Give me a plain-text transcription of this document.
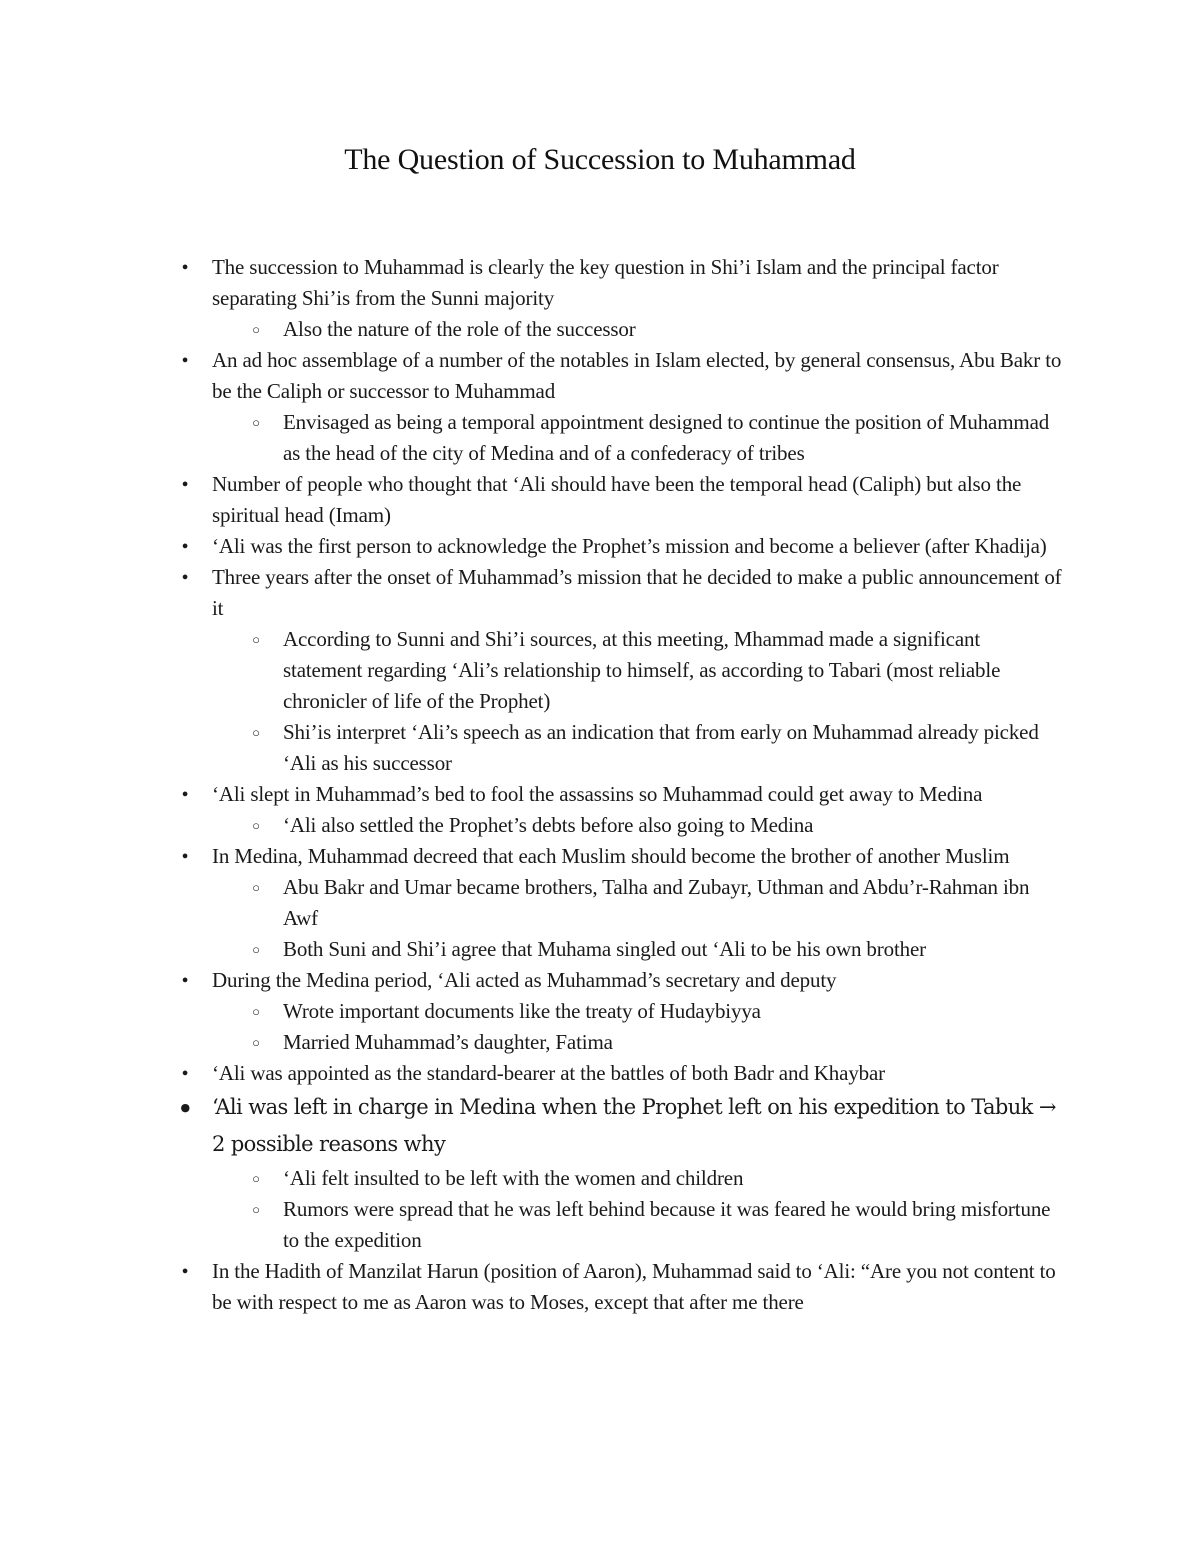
The Question of Succession to Muhammad
● The succession to Muhammad is clearly the key question in Shi’i Islam and the principal factor separating Shi’is from the Sunni majority
○ Also the nature of the role of the successor
● An ad hoc assemblage of a number of the notables in Islam elected, by general consensus, Abu Bakr to be the Caliph or successor to Muhammad
○ Envisaged as being a temporal appointment designed to continue the position of Muhammad as the head of the city of Medina and of a confederacy of tribes
● Number of people who thought that ‘Ali should have been the temporal head (Caliph) but also the spiritual head (Imam)
● ‘Ali was the first person to acknowledge the Prophet’s mission and become a believer (after Khadija)
● Three years after the onset of Muhammad’s mission that he decided to make a public announcement of it
○ According to Sunni and Shi’i sources, at this meeting, Mhammad made a significant statement regarding ‘Ali’s relationship to himself, as according to Tabari (most reliable chronicler of life of the Prophet)
○ Shi’is interpret ‘Ali’s speech as an indication that from early on Muhammad already picked ‘Ali as his successor
● ‘Ali slept in Muhammad’s bed to fool the assassins so Muhammad could get away to Medina
○ ‘Ali also settled the Prophet’s debts before also going to Medina
● In Medina, Muhammad decreed that each Muslim should become the brother of another Muslim
○ Abu Bakr and Umar became brothers, Talha and Zubayr, Uthman and Abdu’r-Rahman ibn Awf
○ Both Suni and Shi’i agree that Muhama singled out ‘Ali to be his own brother
● During the Medina period, ‘Ali acted as Muhammad’s secretary and deputy
○ Wrote important documents like the treaty of Hudaybiyya
○ Married Muhammad’s daughter, Fatima
● ‘Ali was appointed as the standard-bearer at the battles of both Badr and Khaybar
● ‘Ali was left in charge in Medina when the Prophet left on his expedition to Tabuk → 2 possible reasons why
○ ‘Ali felt insulted to be left with the women and children
○ Rumors were spread that he was left behind because it was feared he would bring misfortune to the expedition
● In the Hadith of Manzilat Harun (position of Aaron), Muhammad said to ‘Ali: “Are you not content to be with respect to me as Aaron was to Moses, except that after me there
